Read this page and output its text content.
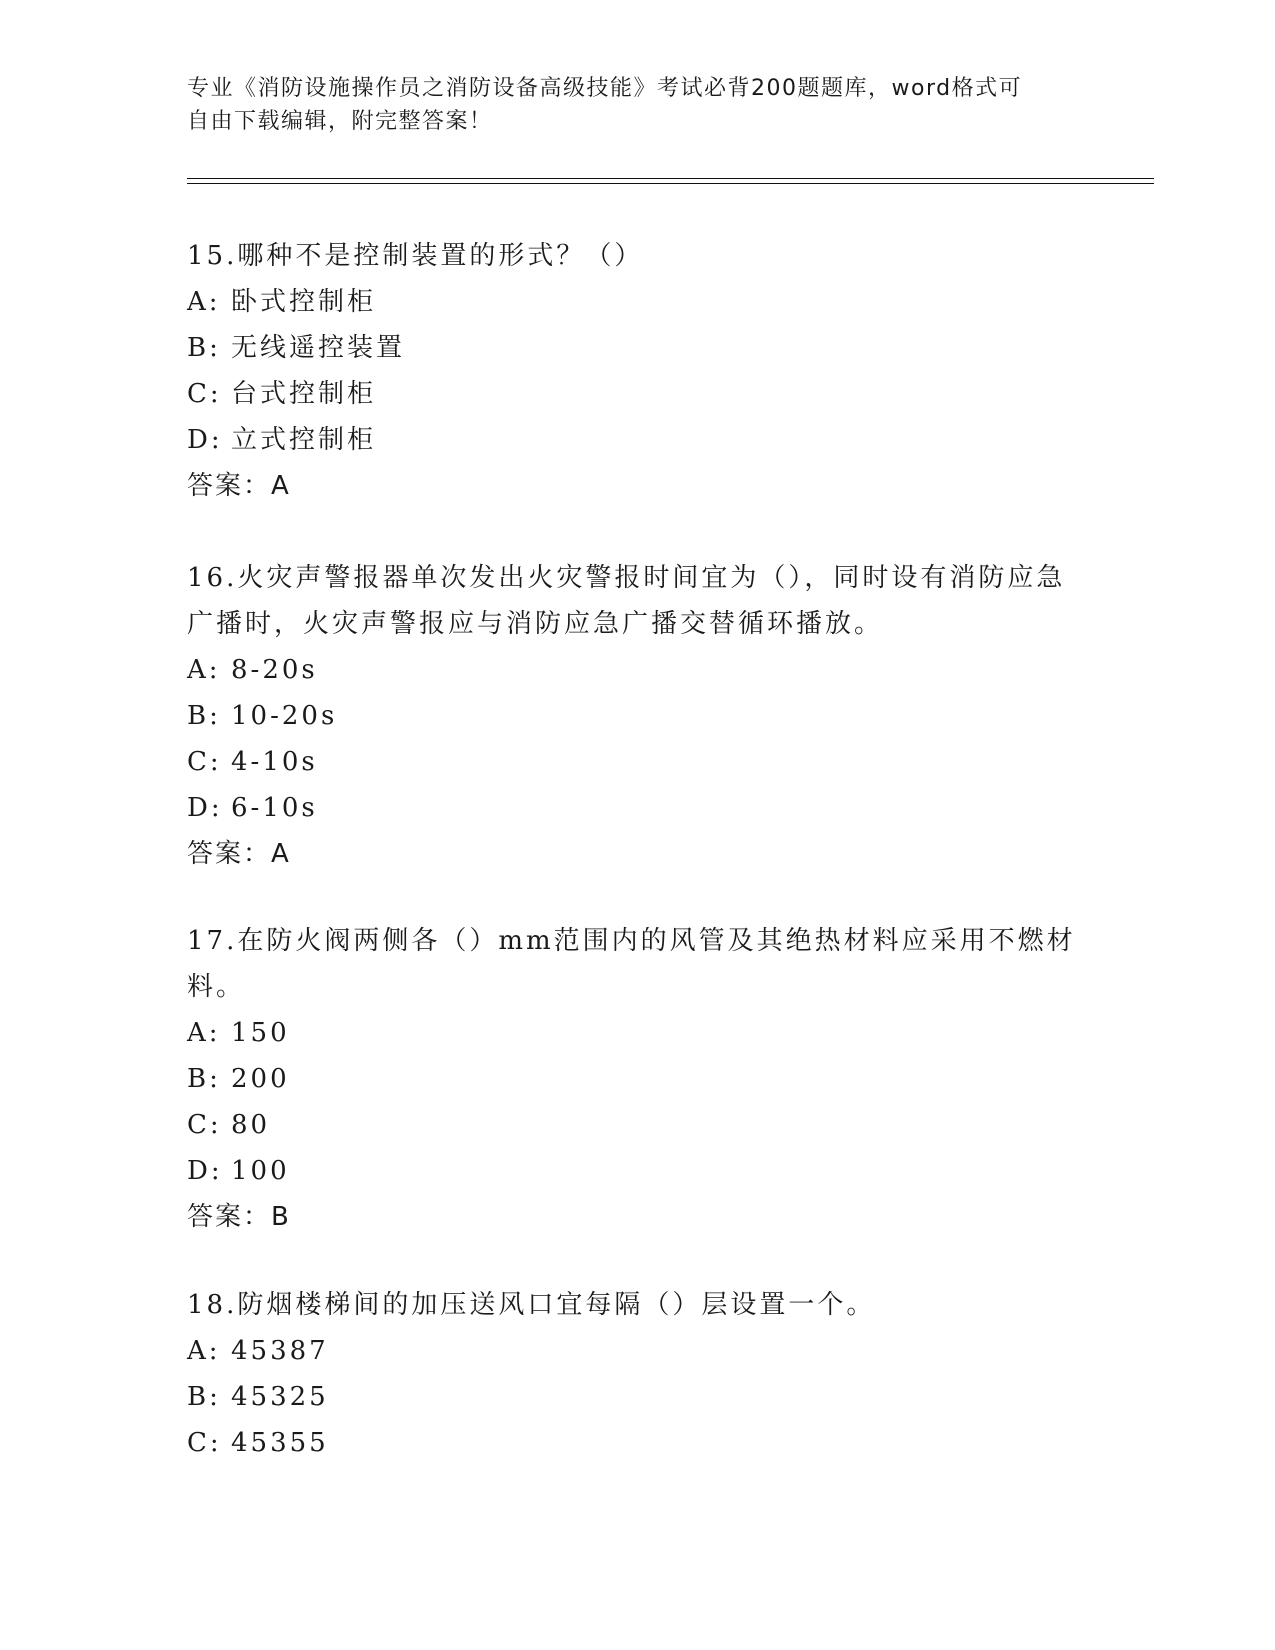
专业《消防设施操作员之消防设备高级技能》考试必背200题题库，word格式可
自由下载编辑，附完整答案！

15.哪种不是控制装置的形式？（）

A: 卧式控制柜

B: 无线遥控装置

C: 台式控制柜

D: 立式控制柜

答案：A

16.火灾声警报器单次发出火灾警报时间宜为（），同时设有消防应急广播时，火灾声警报应与消防应急广播交替循环播放。

A: 8-20s

B: 10-20s

C: 4-10s

D: 6-10s

答案：A

17.在防火阀两侧各（）mm范围内的风管及其绝热材料应采用不燃材料。

A: 150

B: 200

C: 80

D: 100

答案：B

18.防烟楼梯间的加压送风口宜每隔（）层设置一个。

A: 45387

B: 45325

C: 45355
